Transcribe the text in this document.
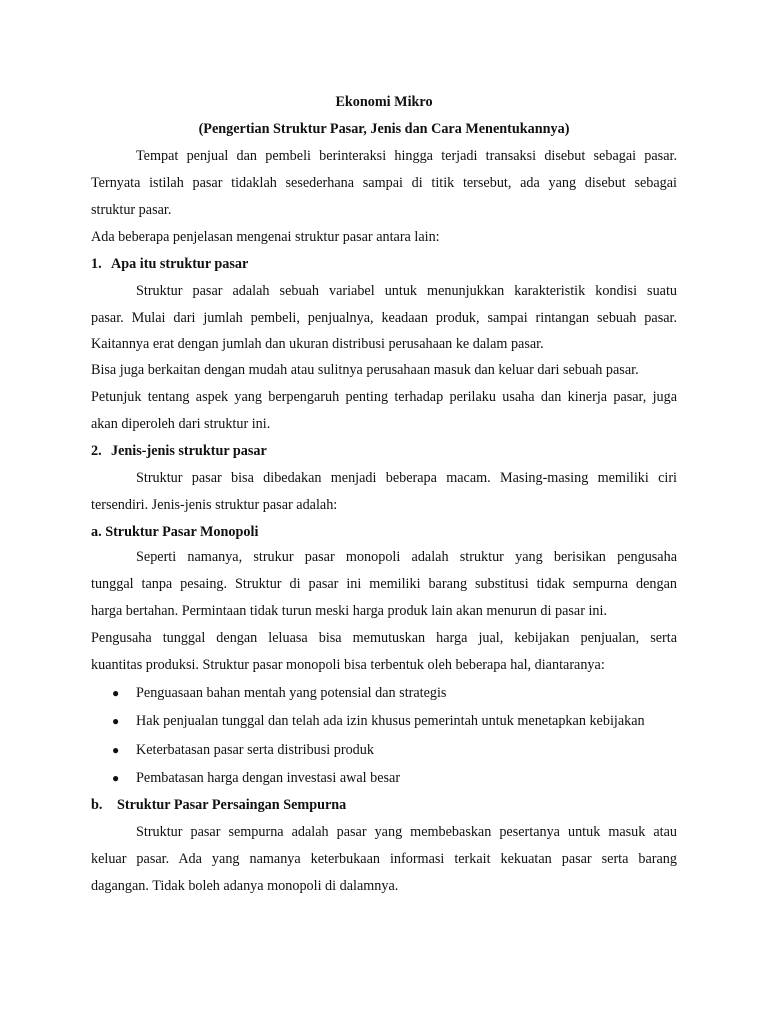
Ekonomi Mikro
(Pengertian Struktur Pasar, Jenis dan Cara Menentukannya)
Tempat penjual dan pembeli berinteraksi hingga terjadi transaksi disebut sebagai pasar.
Ternyata istilah pasar tidaklah sesederhana sampai di titik tersebut, ada yang disebut sebagai
struktur pasar.
Ada beberapa penjelasan mengenai struktur pasar antara lain:
1. Apa itu struktur pasar
Struktur pasar adalah sebuah variabel untuk menunjukkan karakteristik kondisi suatu
pasar. Mulai dari jumlah pembeli, penjualnya, keadaan produk, sampai rintangan sebuah pasar.
Kaitannya erat dengan jumlah dan ukuran distribusi perusahaan ke dalam pasar.
Bisa juga berkaitan dengan mudah atau sulitnya perusahaan masuk dan keluar dari sebuah pasar.
Petunjuk tentang aspek yang berpengaruh penting terhadap perilaku usaha dan kinerja pasar, juga
akan diperoleh dari struktur ini.
2. Jenis-jenis struktur pasar
Struktur pasar bisa dibedakan menjadi beberapa macam. Masing-masing memiliki ciri
tersendiri. Jenis-jenis struktur pasar adalah:
a. Struktur Pasar Monopoli
Seperti namanya, strukur pasar monopoli adalah struktur yang berisikan pengusaha
tunggal tanpa pesaing. Struktur di pasar ini memiliki barang substitusi tidak sempurna dengan
harga bertahan. Permintaan tidak turun meski harga produk lain akan menurun di pasar ini.
Pengusaha tunggal dengan leluasa bisa memutuskan harga jual, kebijakan penjualan, serta
kuantitas produksi. Struktur pasar monopoli bisa terbentuk oleh beberapa hal, diantaranya:
● Penguasaan bahan mentah yang potensial dan strategis
● Hak penjualan tunggal dan telah ada izin khusus pemerintah untuk menetapkan kebijakan
● Keterbatasan pasar serta distribusi produk
● Pembatasan harga dengan investasi awal besar
b. Struktur Pasar Persaingan Sempurna
Struktur pasar sempurna adalah pasar yang membebaskan pesertanya untuk masuk atau
keluar pasar. Ada yang namanya keterbukaan informasi terkait kekuatan pasar serta barang
dagangan. Tidak boleh adanya monopoli di dalamnya.
